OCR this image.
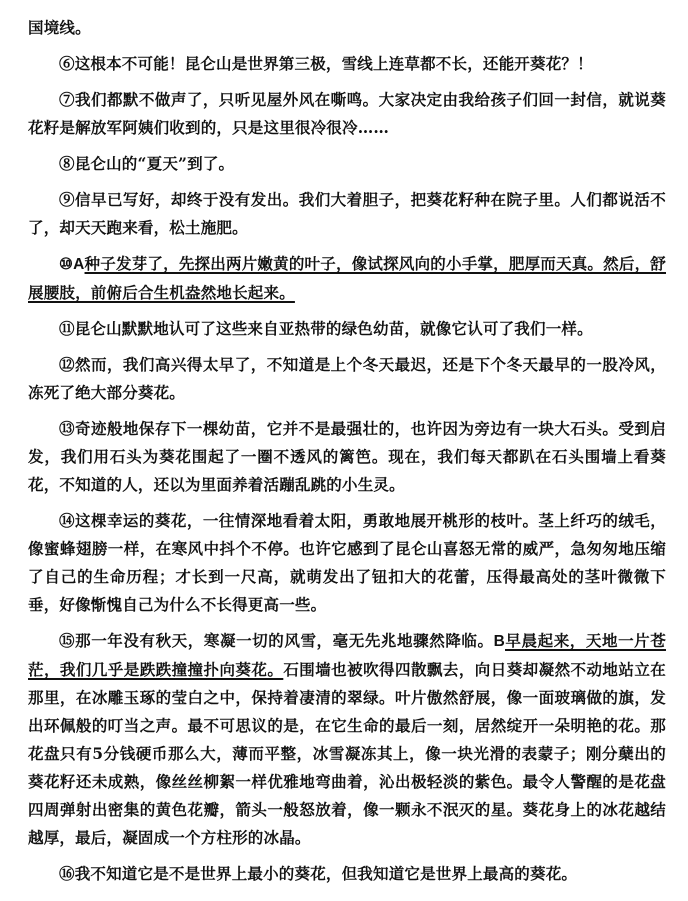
国境线。

⑥这根本不可能！昆仑山是世界第三极，雪线上连草都不长，还能开葵花？！

⑦我们都默不做声了，只听见屋外风在嘶鸣。大家决定由我给孩子们回一封信，就说葵花籽是解放军阿姨们收到的，只是这里很冷很冷……

⑧昆仑山的“夏天”到了。

⑨信早已写好，却终于没有发出。我们大着胆子，把葵花籽种在院子里。人们都说活不了，却天天跑来看，松土施肥。

⑩A种子发芽了，先探出两片嫩黄的叶子，像试探风向的小手掌，肥厚而天真。然后，舒展腰肢，前俯后合生机盎然地长起来。

⑪昆仑山默默地认可了这些来自亚热带的绿色幼苗，就像它认可了我们一样。

⑫然而，我们高兴得太早了，不知道是上个冬天最迟，还是下个冬天最早的一股冷风，冻死了绝大部分葵花。

⑬奇迹般地保存下一棵幼苗，它并不是最强壮的，也许因为旁边有一块大石头。受到启发，我们用石头为葵花围起了一圈不透风的篱笆。现在，我们每天都趴在石头围墙上看葵花，不知道的人，还以为里面养着活蹦乱跳的小生灵。

⑭这棵幸运的葵花，一往情深地看着太阳，勇敢地展开桃形的枝叶。茎上纤巧的绒毛，像蜜蜂翅膀一样，在寒风中抖个不停。也许它感到了昆仑山喜怒无常的威严，急匆匆地压缩了自己的生命历程；才长到一尺高，就萌发出了钮扣大的花蕾，压得最高处的茎叶微微下垂，好像惭愧自己为什么不长得更高一些。

⑮那一年没有秋天，寒凝一切的风雪，毫无先兆地骤然降临。B早晨起来，天地一片苍茫，我们几乎是跌跌撞撞扑向葵花。石围墙也被吹得四散飘去，向日葵却凝然不动地站立在那里，在冰雕玉琢的莹白之中，保持着凄清的翠绿。叶片傲然舒展，像一面玻璃做的旗，发出环佩般的叮当之声。最不可思议的是，在它生命的最后一刻，居然绽开一朵明艳的花。那花盘只有5分钱硬币那么大，薄而平整，冰雪凝冻其上，像一块光滑的表蒙子；刚分蘖出的葵花籽还未成熟，像丝丝柳絮一样优雅地弯曲着，沁出极轻淡的紫色。最令人警醒的是花盘四周弹射出密集的黄色花瓣，箭头一般怒放着，像一颗永不泯灭的星。葵花身上的冰花越结越厚，最后，凝固成一个方柱形的冰晶。

⑯我不知道它是不是世界上最小的葵花，但我知道它是世界上最高的葵花。
